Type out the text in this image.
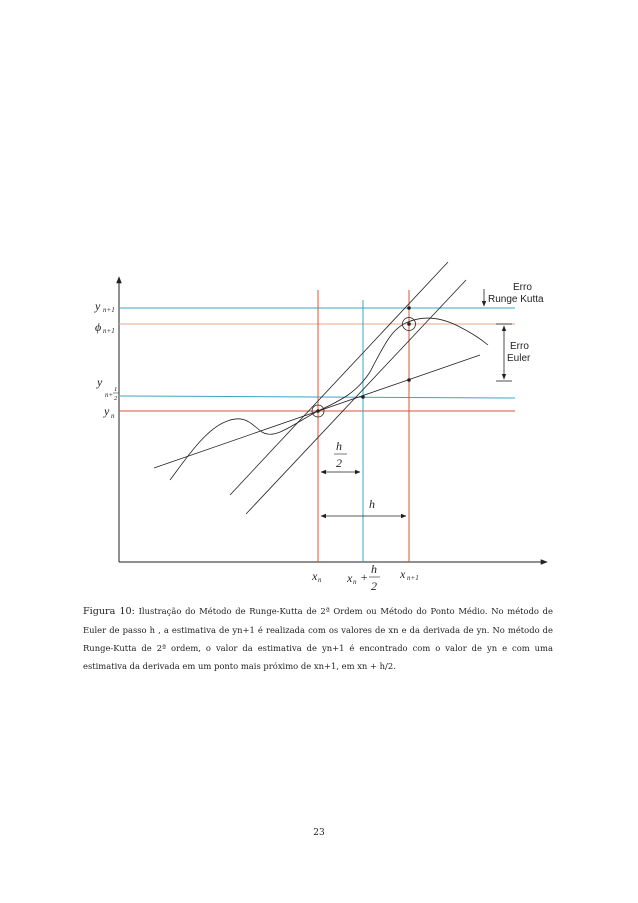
y n+1
ϕ n+1
y
n+
1
2
y n
x n x n +
h
2
x n+1
h
2
h
Erro
Runge Kutta
Erro
Euler
Figura 10: Ilustração do Método de Runge-Kutta de 2ª Ordem ou Método do Ponto Médio. No método de Euler de passo h , a estimativa de yn+1 é realizada com os valores de xn e da derivada de yn. No método de Runge-Kutta de 2ª ordem, o valor da estimativa de yn+1 é encontrado com o valor de yn e com uma estimativa da derivada em um ponto mais próximo de xn+1, em xn + h/2.
23
